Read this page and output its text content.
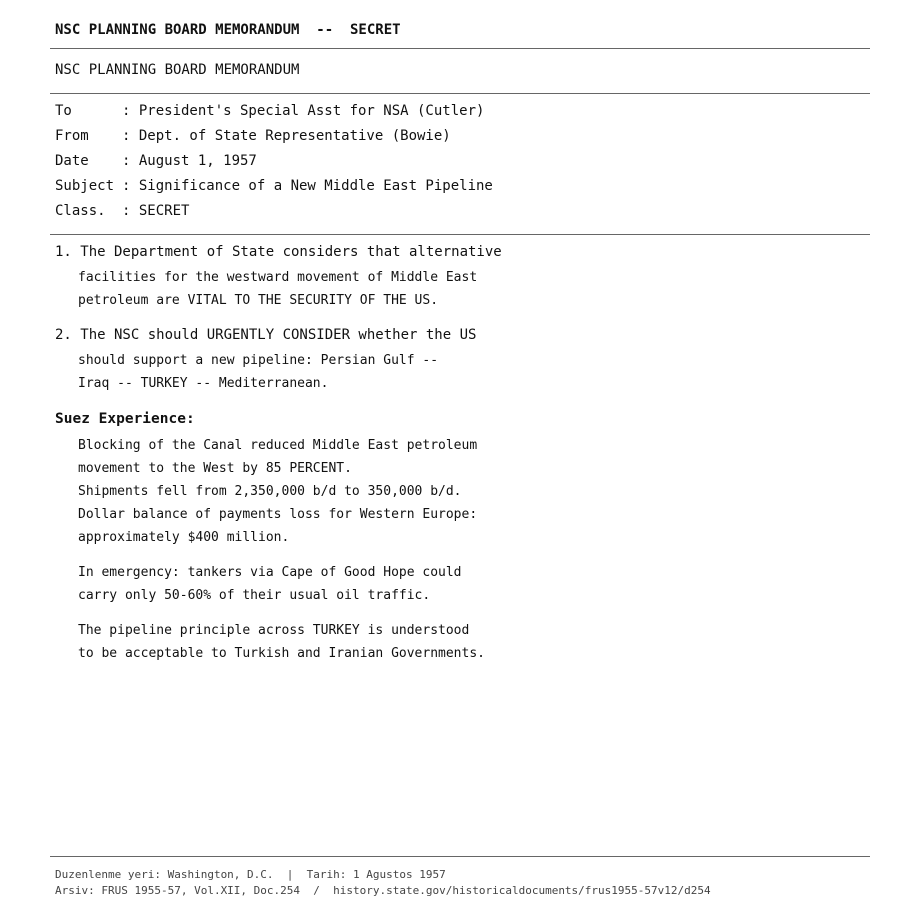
NSC PLANNING BOARD MEMORANDUM  --  SECRET
NSC PLANNING BOARD MEMORANDUM
To	: President's Special Asst for NSA (Cutler)
From : Dept. of State Representative (Bowie)
Date : August 1, 1957
Subject : Significance of a New Middle East Pipeline
Class. : SECRET
1. The Department of State considers that alternative
facilities for the westward movement of Middle East
petroleum are VITAL TO THE SECURITY OF THE US.
2. The NSC should URGENTLY CONSIDER whether the US
should support a new pipeline: Persian Gulf --
Iraq -- TURKEY -- Mediterranean.
Suez Experience:
Blocking of the Canal reduced Middle East petroleum
movement to the West by 85 PERCENT.
Shipments fell from 2,350,000 b/d to 350,000 b/d.
Dollar balance of payments loss for Western Europe:
approximately $400 million.
In emergency: tankers via Cape of Good Hope could
carry only 50-60% of their usual oil traffic.
The pipeline principle across TURKEY is understood
to be acceptable to Turkish and Iranian Governments.
Duzenlenme yeri: Washington, D.C.  |  Tarih: 1 Agustos 1957
Arsiv: FRUS 1955-57, Vol.XII, Doc.254  /  history.state.gov/historicaldocuments/frus1955-57v12/d254
